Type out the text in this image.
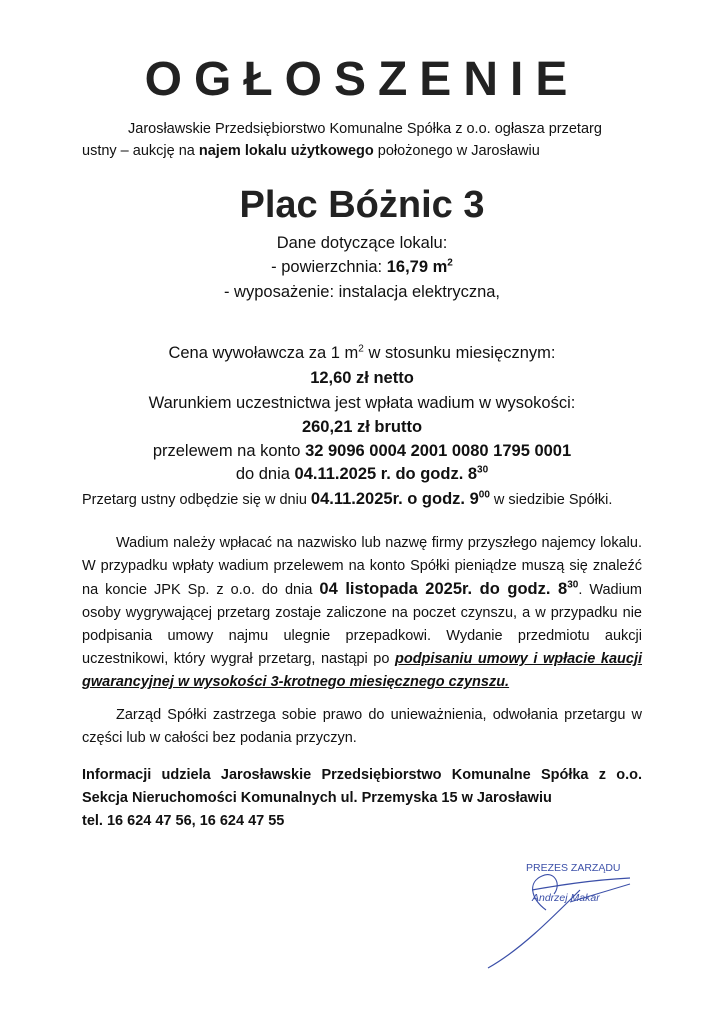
OGŁOSZENIE
Jarosławskie Przedsiębiorstwo Komunalne Spółka z o.o. ogłasza przetarg
ustny – aukcję na najem lokalu użytkowego położonego w Jarosławiu
Plac Bóżnic 3
Dane dotyczące lokalu:
- powierzchnia: 16,79 $m^2$
- wyposażenie: instalacja elektryczna,
Cena wywoławcza za 1 $m^2$ w stosunku miesięcznym:
12,60 zł netto
Warunkiem uczestnictwa jest wpłata wadium w wysokości:
260,21 zł brutto
przelewem na konto 32 9096 0004 2001 0080 1795 0001
do dnia 04.11.2025 r. do godz. $8^{30}$
Przetarg ustny odbędzie się w dniu 04.11.2025r. o godz. $9^{00}$ w siedzibie Spółki.
Wadium należy wpłacać na nazwisko lub nazwę firmy przyszłego najemcy lokalu. W przypadku wpłaty wadium przelewem na konto Spółki pieniądze muszą się znaleźć na koncie JPK Sp. z o.o. do dnia 04 listopada 2025r. do godz. $8^{30}$. Wadium osoby wygrywającej przetarg zostaje zaliczone na poczet czynszu, a w przypadku nie podpisania umowy najmu ulegnie przepadkowi. Wydanie przedmiotu aukcji uczestnikowi, który wygrał przetarg, nastąpi po podpisaniu umowy i wpłacie kaucji gwarancyjnej w wysokości 3-krotnego miesięcznego czynszu.
Zarząd Spółki zastrzega sobie prawo do unieważnienia, odwołania przetargu w części lub w całości bez podania przyczyn.
Informacji udziela Jarosławskie Przedsiębiorstwo Komunalne Spółka z o.o. Sekcja Nieruchomości Komunalnych ul. Przemyska 15 w Jarosławiu
tel. 16 624 47 56, 16 624 47 55
PREZES ZARZĄDU
Andrzej Makar
